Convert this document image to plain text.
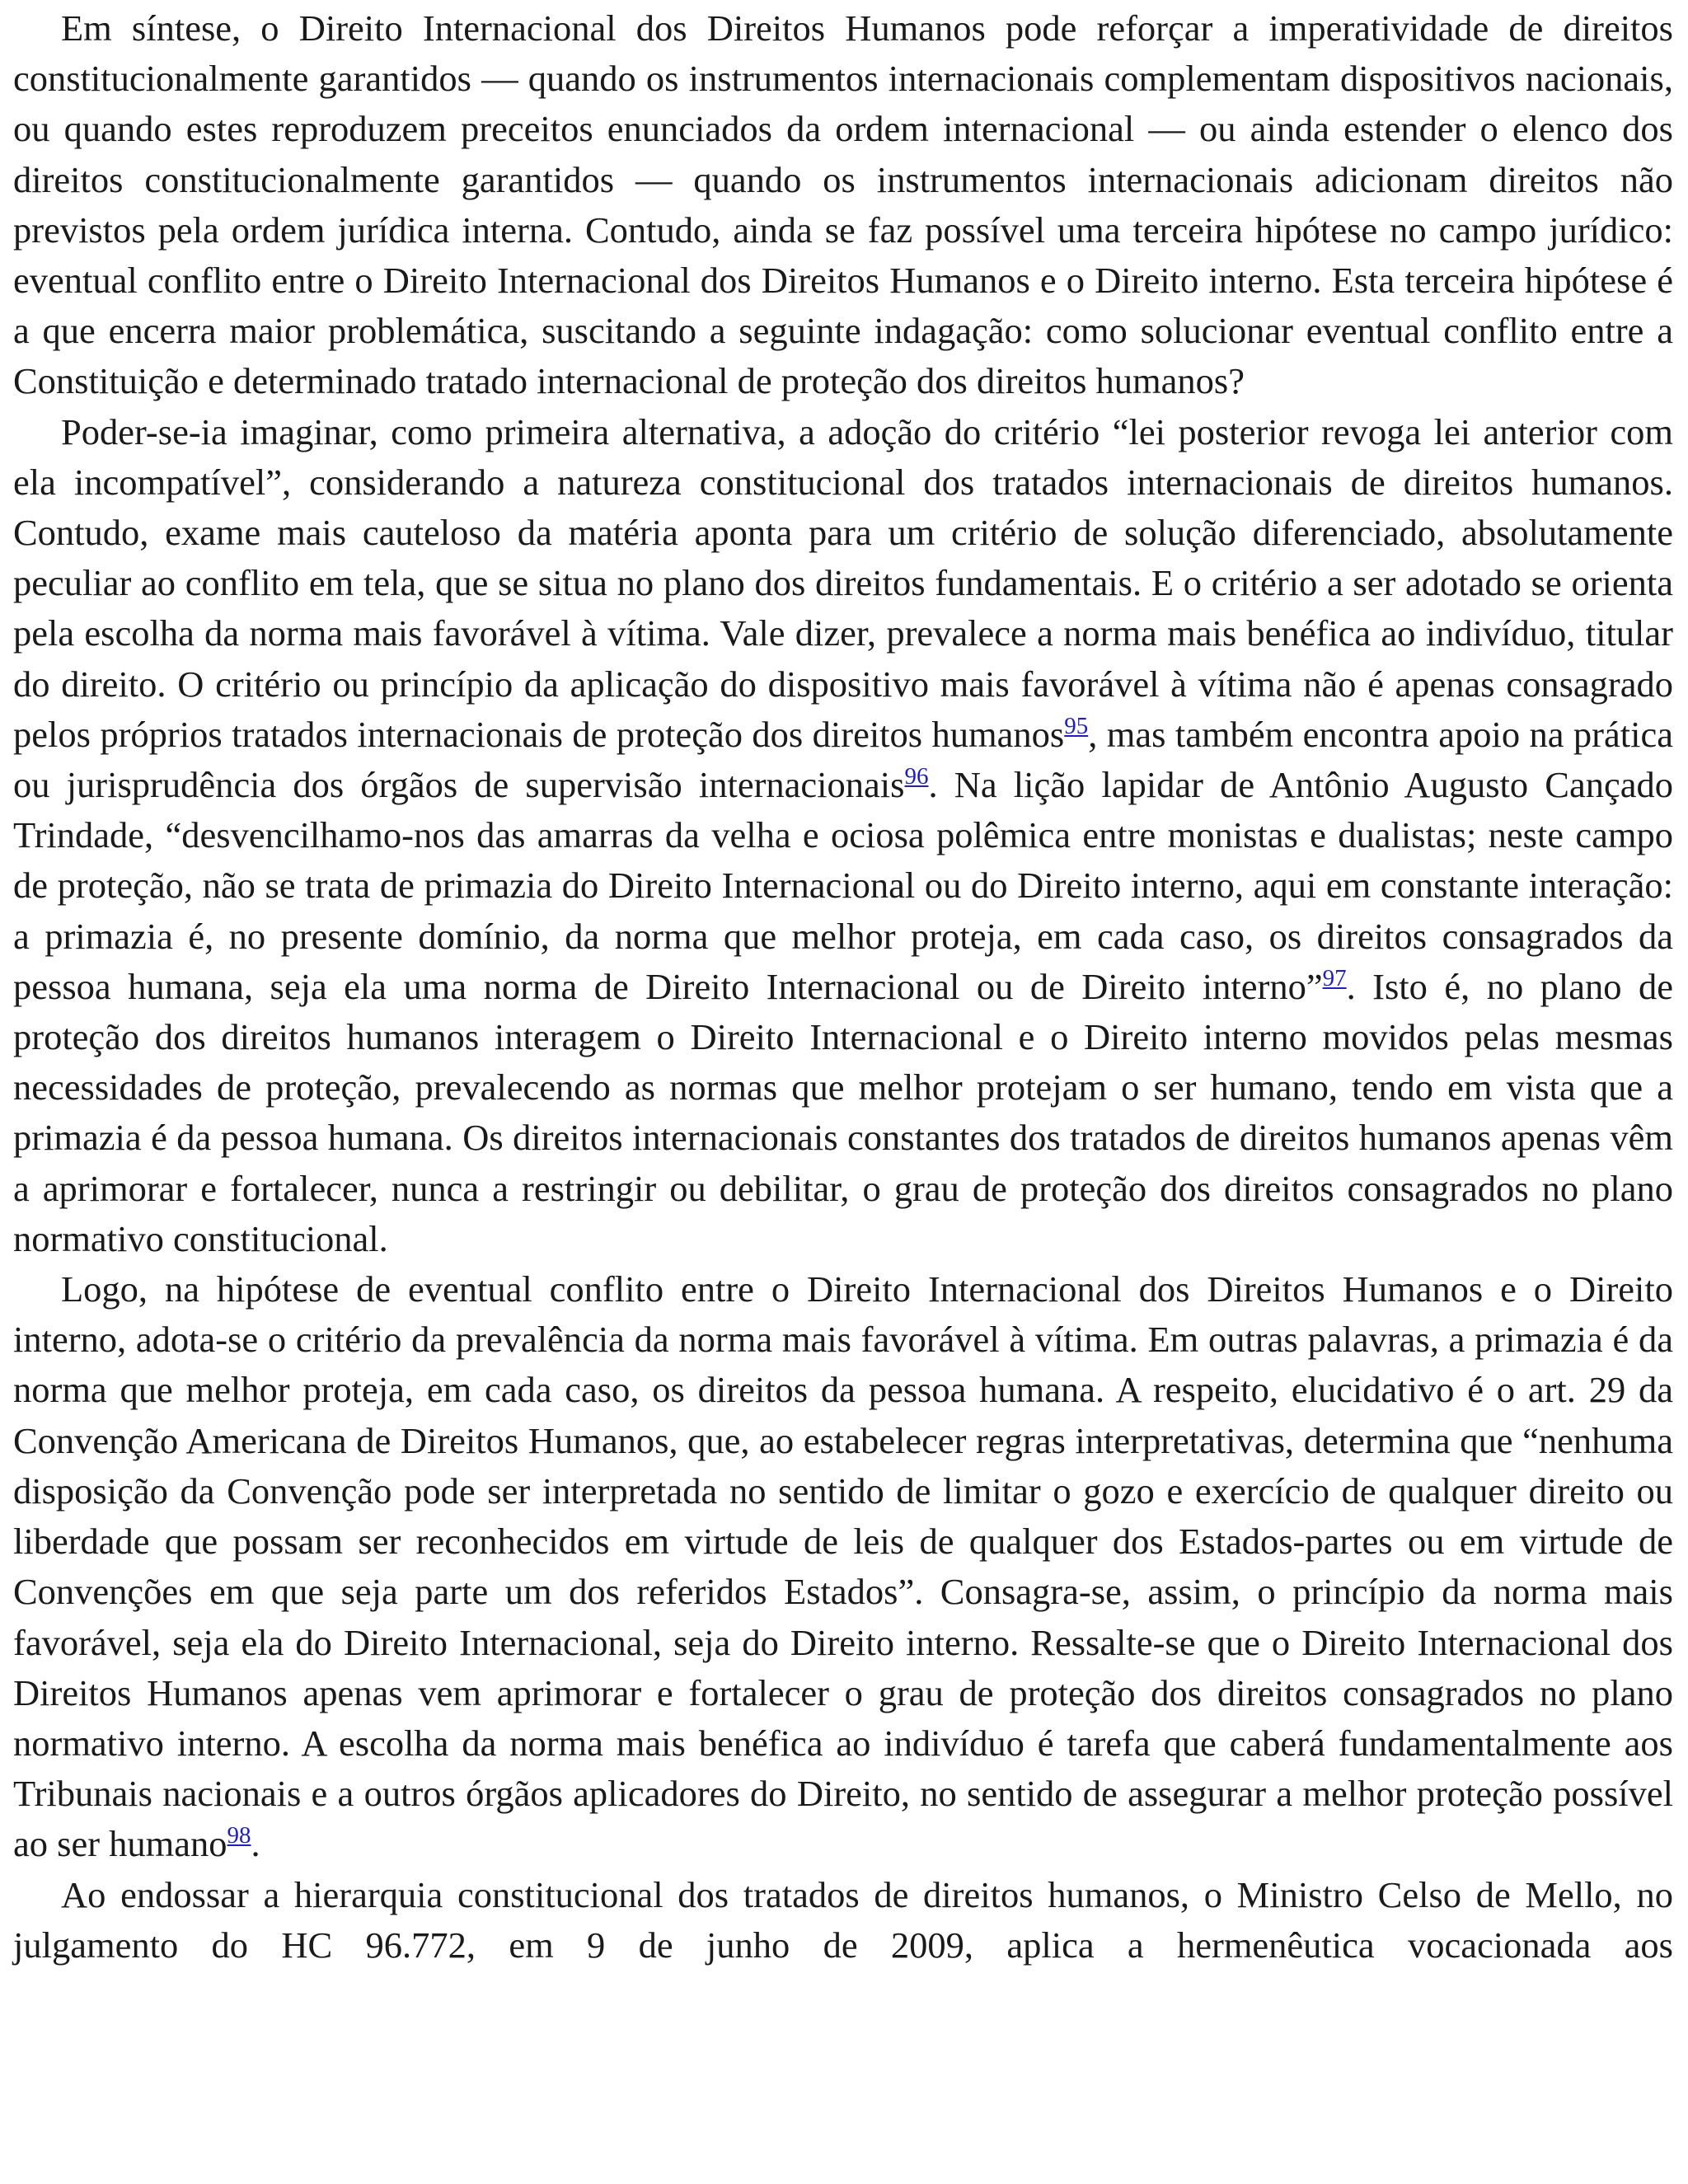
Em síntese, o Direito Internacional dos Direitos Humanos pode reforçar a imperatividade de direitos constitucionalmente garantidos — quando os instrumentos internacionais complementam dispositivos nacionais, ou quando estes reproduzem preceitos enunciados da ordem internacional — ou ainda estender o elenco dos direitos constitucionalmente garantidos — quando os instrumentos internacionais adicionam direitos não previstos pela ordem jurídica interna. Contudo, ainda se faz possível uma terceira hipótese no campo jurídico: eventual conflito entre o Direito Internacional dos Direitos Humanos e o Direito interno. Esta terceira hipótese é a que encerra maior problemática, suscitando a seguinte indagação: como solucionar eventual conflito entre a Constituição e determinado tratado internacional de proteção dos direitos humanos?

Poder-se-ia imaginar, como primeira alternativa, a adoção do critério “lei posterior revoga lei anterior com ela incompatível”, considerando a natureza constitucional dos tratados internacionais de direitos humanos. Contudo, exame mais cauteloso da matéria aponta para um critério de solução diferenciado, absolutamente peculiar ao conflito em tela, que se situa no plano dos direitos fundamentais. E o critério a ser adotado se orienta pela escolha da norma mais favorável à vítima. Vale dizer, prevalece a norma mais benéfica ao indivíduo, titular do direito. O critério ou princípio da aplicação do dispositivo mais favorável à vítima não é apenas consagrado pelos próprios tratados internacionais de proteção dos direitos humanos$^{95}$, mas também encontra apoio na prática ou jurisprudência dos órgãos de supervisão internacionais$^{96}$. Na lição lapidar de Antônio Augusto Cançado Trindade, “desvencilhamo-nos das amarras da velha e ociosa polêmica entre monistas e dualistas; neste campo de proteção, não se trata de primazia do Direito Internacional ou do Direito interno, aqui em constante interação: a primazia é, no presente domínio, da norma que melhor proteja, em cada caso, os direitos consagrados da pessoa humana, seja ela uma norma de Direito Internacional ou de Direito interno”$^{97}$. Isto é, no plano de proteção dos direitos humanos interagem o Direito Internacional e o Direito interno movidos pelas mesmas necessidades de proteção, prevalecendo as normas que melhor protejam o ser humano, tendo em vista que a primazia é da pessoa humana. Os direitos internacionais constantes dos tratados de direitos humanos apenas vêm a aprimorar e fortalecer, nunca a restringir ou debilitar, o grau de proteção dos direitos consagrados no plano normativo constitucional.

Logo, na hipótese de eventual conflito entre o Direito Internacional dos Direitos Humanos e o Direito interno, adota-se o critério da prevalência da norma mais favorável à vítima. Em outras palavras, a primazia é da norma que melhor proteja, em cada caso, os direitos da pessoa humana. A respeito, elucidativo é o art. 29 da Convenção Americana de Direitos Humanos, que, ao estabelecer regras interpretativas, determina que “nenhuma disposição da Convenção pode ser interpretada no sentido de limitar o gozo e exercício de qualquer direito ou liberdade que possam ser reconhecidos em virtude de leis de qualquer dos Estados-partes ou em virtude de Convenções em que seja parte um dos referidos Estados”. Consagra-se, assim, o princípio da norma mais favorável, seja ela do Direito Internacional, seja do Direito interno. Ressalte-se que o Direito Internacional dos Direitos Humanos apenas vem aprimorar e fortalecer o grau de proteção dos direitos consagrados no plano normativo interno. A escolha da norma mais benéfica ao indivíduo é tarefa que caberá fundamentalmente aos Tribunais nacionais e a outros órgãos aplicadores do Direito, no sentido de assegurar a melhor proteção possível ao ser humano$^{98}$.

Ao endossar a hierarquia constitucional dos tratados de direitos humanos, o Ministro Celso de Mello, no julgamento do HC 96.772, em 9 de junho de 2009, aplica a hermenêutica vocacionada aos
